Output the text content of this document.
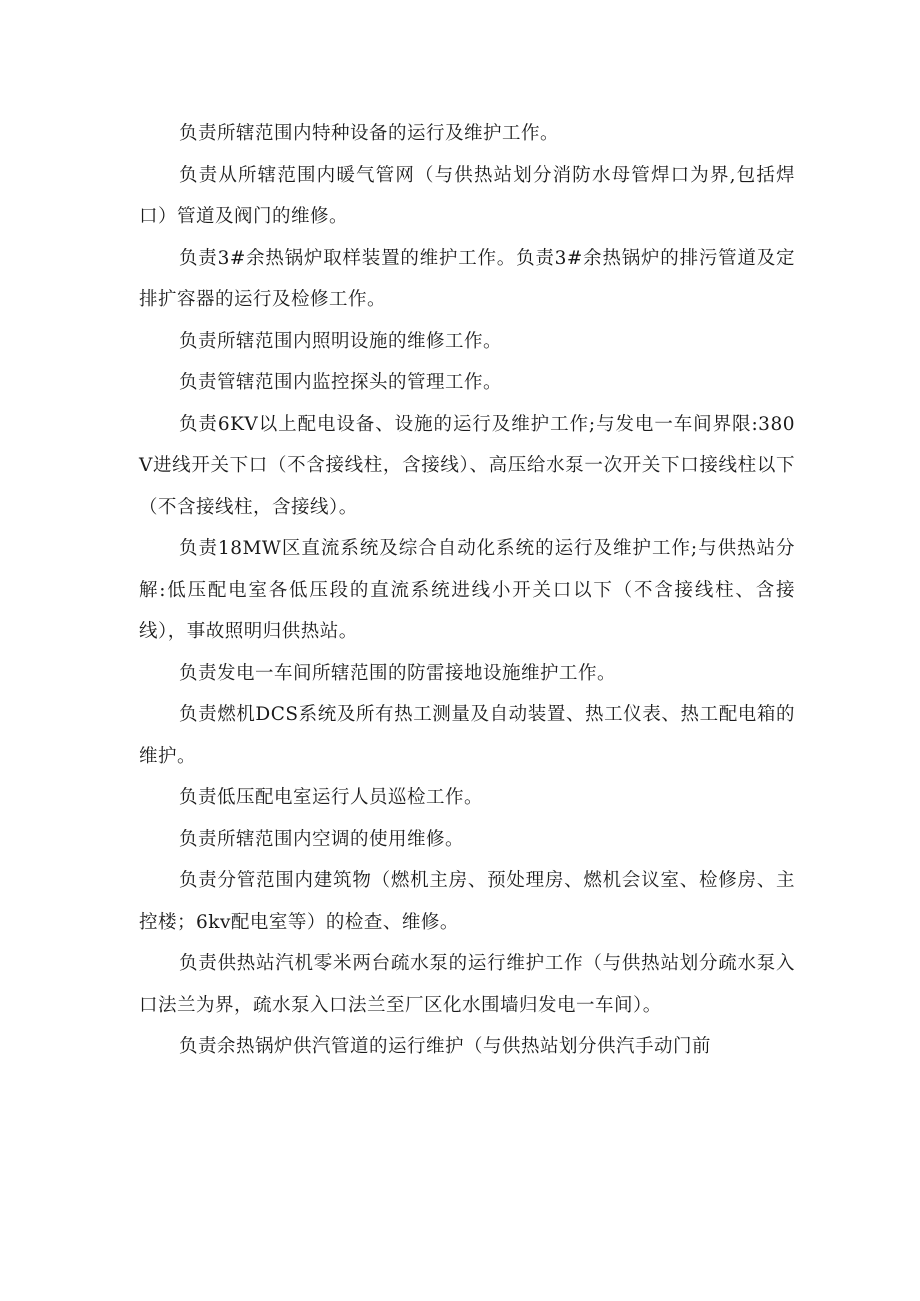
负责所辖范围内特种设备的运行及维护工作。

负责从所辖范围内暖气管网（与供热站划分消防水母管焊口为界,包括焊口）管道及阀门的维修。

负责3#余热锅炉取样装置的维护工作。负责3#余热锅炉的排污管道及定排扩容器的运行及检修工作。

负责所辖范围内照明设施的维修工作。

负责管辖范围内监控探头的管理工作。

负责6KV以上配电设备、设施的运行及维护工作;与发电一车间界限:380V进线开关下口（不含接线柱，含接线）、高压给水泵一次开关下口接线柱以下（不含接线柱，含接线）。

负责18MW区直流系统及综合自动化系统的运行及维护工作;与供热站分解:低压配电室各低压段的直流系统进线小开关口以下（不含接线柱、含接线），事故照明归供热站。

负责发电一车间所辖范围的防雷接地设施维护工作。

负责燃机DCS系统及所有热工测量及自动装置、热工仪表、热工配电箱的维护。

负责低压配电室运行人员巡检工作。

负责所辖范围内空调的使用维修。

负责分管范围内建筑物（燃机主房、预处理房、燃机会议室、检修房、主控楼；6kv配电室等）的检查、维修。

负责供热站汽机零米两台疏水泵的运行维护工作（与供热站划分疏水泵入口法兰为界，疏水泵入口法兰至厂区化水围墙归发电一车间）。

负责余热锅炉供汽管道的运行维护（与供热站划分供汽手动门前
